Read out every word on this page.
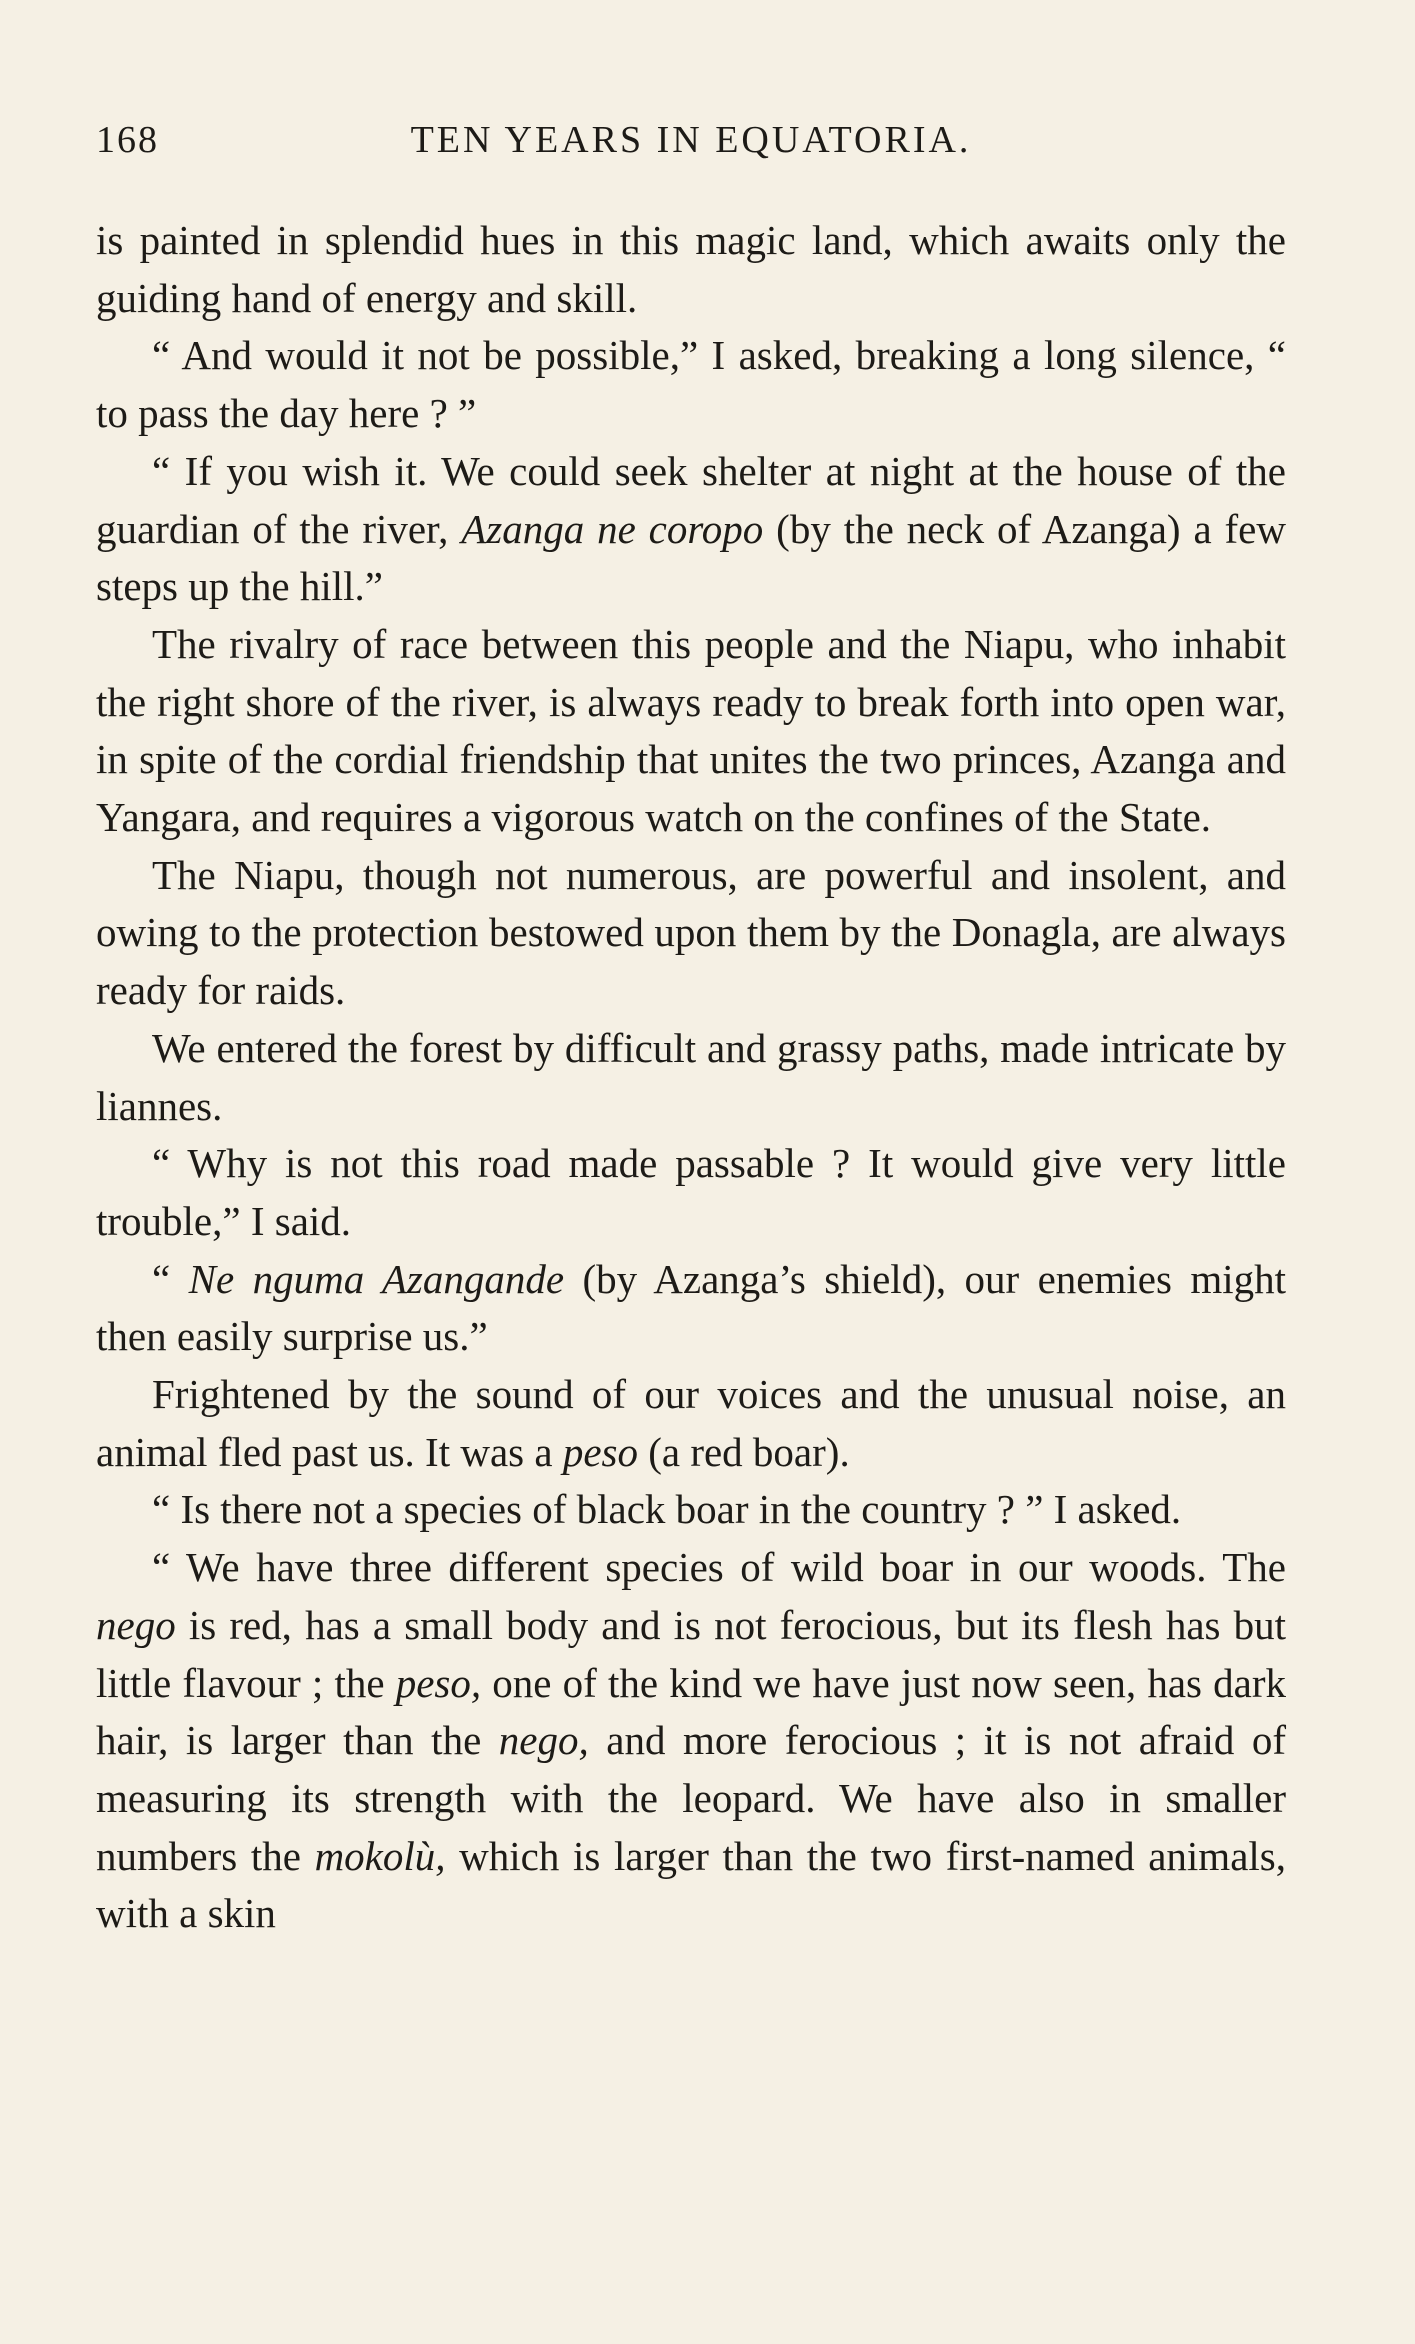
168	TEN YEARS IN EQUATORIA.

is painted in splendid hues in this magic land, which awaits only the guiding hand of energy and skill.

“ And would it not be possible,” I asked, breaking a long silence, “ to pass the day here ? ”

“ If you wish it. We could seek shelter at night at the house of the guardian of the river, Azanga ne coropo (by the neck of Azanga) a few steps up the hill.”

The rivalry of race between this people and the Niapu, who inhabit the right shore of the river, is always ready to break forth into open war, in spite of the cordial friendship that unites the two princes, Azanga and Yangara, and requires a vigorous watch on the confines of the State.

The Niapu, though not numerous, are powerful and insolent, and owing to the protection bestowed upon them by the Donagla, are always ready for raids.

We entered the forest by difficult and grassy paths, made intricate by liannes.

“ Why is not this road made passable ? It would give very little trouble,” I said.

“ Ne nguma Azangande (by Azanga’s shield), our enemies might then easily surprise us.”

Frightened by the sound of our voices and the unusual noise, an animal fled past us. It was a peso (a red boar).

“ Is there not a species of black boar in the country ? ” I asked.

“ We have three different species of wild boar in our woods. The nego is red, has a small body and is not ferocious, but its flesh has but little flavour ; the peso, one of the kind we have just now seen, has dark hair, is larger than the nego, and more ferocious ; it is not afraid of measuring its strength with the leopard. We have also in smaller numbers the mokolù, which is larger than the two first-named animals, with a skin
